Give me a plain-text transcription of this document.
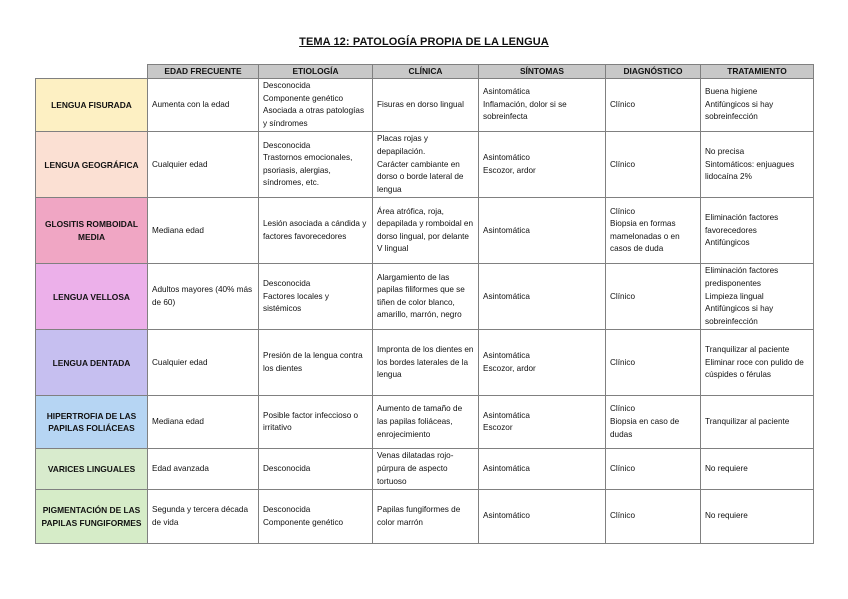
TEMA 12: PATOLOGÍA PROPIA DE LA LENGUA
	EDAD FRECUENTE	ETIOLOGÍA	CLÍNICA	SÍNTOMAS	DIAGNÓSTICO	TRATAMIENTO
LENGUA FISURADA	Aumenta con la edad	Desconocida
Componente genético
Asociada a otras patologías y síndromes	Fisuras en dorso lingual	Asintomática
Inflamación, dolor si se sobreinfecta	Clínico	Buena higiene
Antifúngicos si hay sobreinfección

LENGUA GEOGRÁFICA	Cualquier edad	Desconocida
Trastornos emocionales, psoriasis, alergias, síndromes, etc.	Placas rojas y depapilación.
Carácter cambiante en dorso o borde lateral de lengua	Asintomático
Escozor, ardor	Clínico	No precisa
Sintomáticos: enjuagues lidocaína 2%

GLOSITIS ROMBOIDAL MEDIA	Mediana edad	Lesión asociada a cándida y factores favorecedores	Área atrófica, roja, depapilada y romboidal en dorso lingual, por delante V lingual	Asintomática	Clínico
Biopsia en formas mamelonadas o en casos de duda	Eliminación factores favorecedores
Antifúngicos

LENGUA VELLOSA	Adultos mayores (40% más de 60)	Desconocida
Factores locales y sistémicos	Alargamiento de las papilas filiformes que se tiñen de color blanco, amarillo, marrón, negro	Asintomática	Clínico	Eliminación factores predisponentes
Limpieza lingual
Antifúngicos si hay sobreinfección

LENGUA DENTADA	Cualquier edad	Presión de la lengua contra los dientes	Impronta de los dientes en los bordes laterales de la lengua	Asintomática
Escozor, ardor	Clínico	Tranquilizar al paciente
Eliminar roce con pulido de cúspides o férulas

HIPERTROFIA DE LAS PAPILAS FOLIÁCEAS	Mediana edad	Posible factor infeccioso o irritativo	Aumento de tamaño de las papilas foliáceas, enrojecimiento	Asintomática
Escozor	Clínico
Biopsia en caso de dudas	Tranquilizar al paciente

VARICES LINGUALES	Edad avanzada	Desconocida	Venas dilatadas rojo-púrpura de aspecto tortuoso	Asintomática	Clínico	No requiere

PIGMENTACIÓN DE LAS PAPILAS FUNGIFORMES	Segunda y tercera década de vida	Desconocida
Componente genético	Papilas fungiformes de color marrón	Asintomático	Clínico	No requiere
